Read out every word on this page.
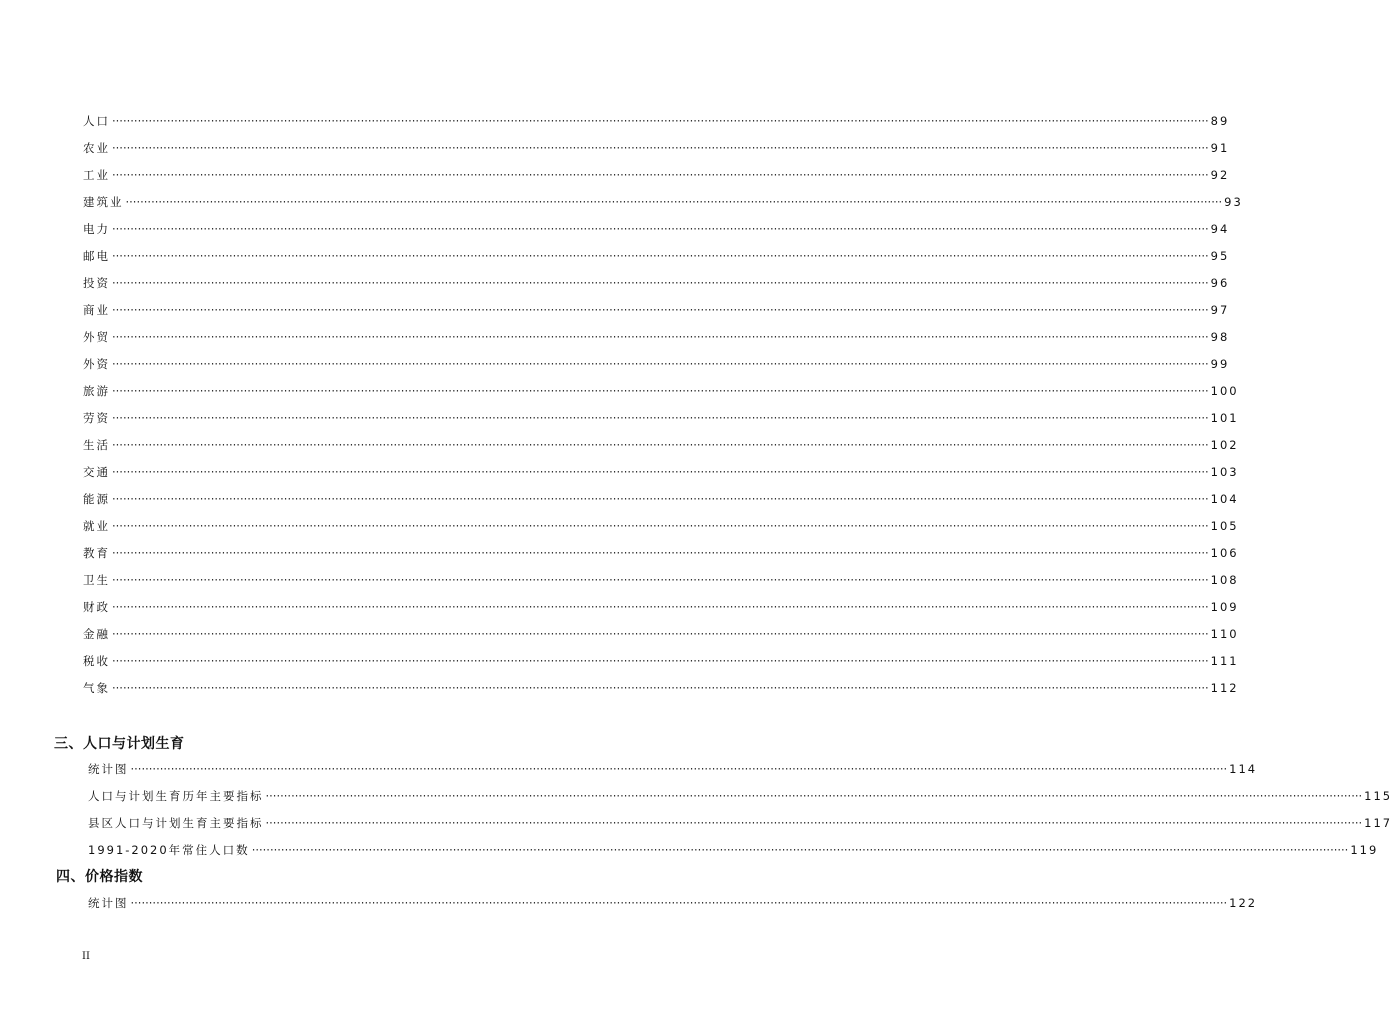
人口 ············································································································································································································································································································ 89
农业 ············································································································································································································································································································ 91
工业 ············································································································································································································································································································ 92
建筑业 ············································································································································································································································································································ 93
电力 ············································································································································································································································································································ 94
邮电 ············································································································································································································································································································ 95
投资 ············································································································································································································································································································ 96
商业 ············································································································································································································································································································ 97
外贸 ············································································································································································································································································································ 98
外资 ············································································································································································································································································································ 99
旅游 ············································································································································································································································································································ 100
劳资 ············································································································································································································································································································ 101
生活 ············································································································································································································································································································ 102
交通 ············································································································································································································································································································ 103
能源 ············································································································································································································································································································ 104
就业 ············································································································································································································································································································ 105
教育 ············································································································································································································································································································ 106
卫生 ············································································································································································································································································································ 108
财政 ············································································································································································································································································································ 109
金融 ············································································································································································································································································································ 110
税收 ············································································································································································································································································································ 111
气象 ············································································································································································································································································································ 112
三、人口与计划生育
统计图 ············································································································································································································································································································ 114
人口与计划生育历年主要指标 ············································································································································································································································································································ 115
县区人口与计划生育主要指标 ············································································································································································································································································································ 117
1991-2020年常住人口数 ············································································································································································································································································································ 119
四、价格指数
统计图 ············································································································································································································································································································ 122
II
